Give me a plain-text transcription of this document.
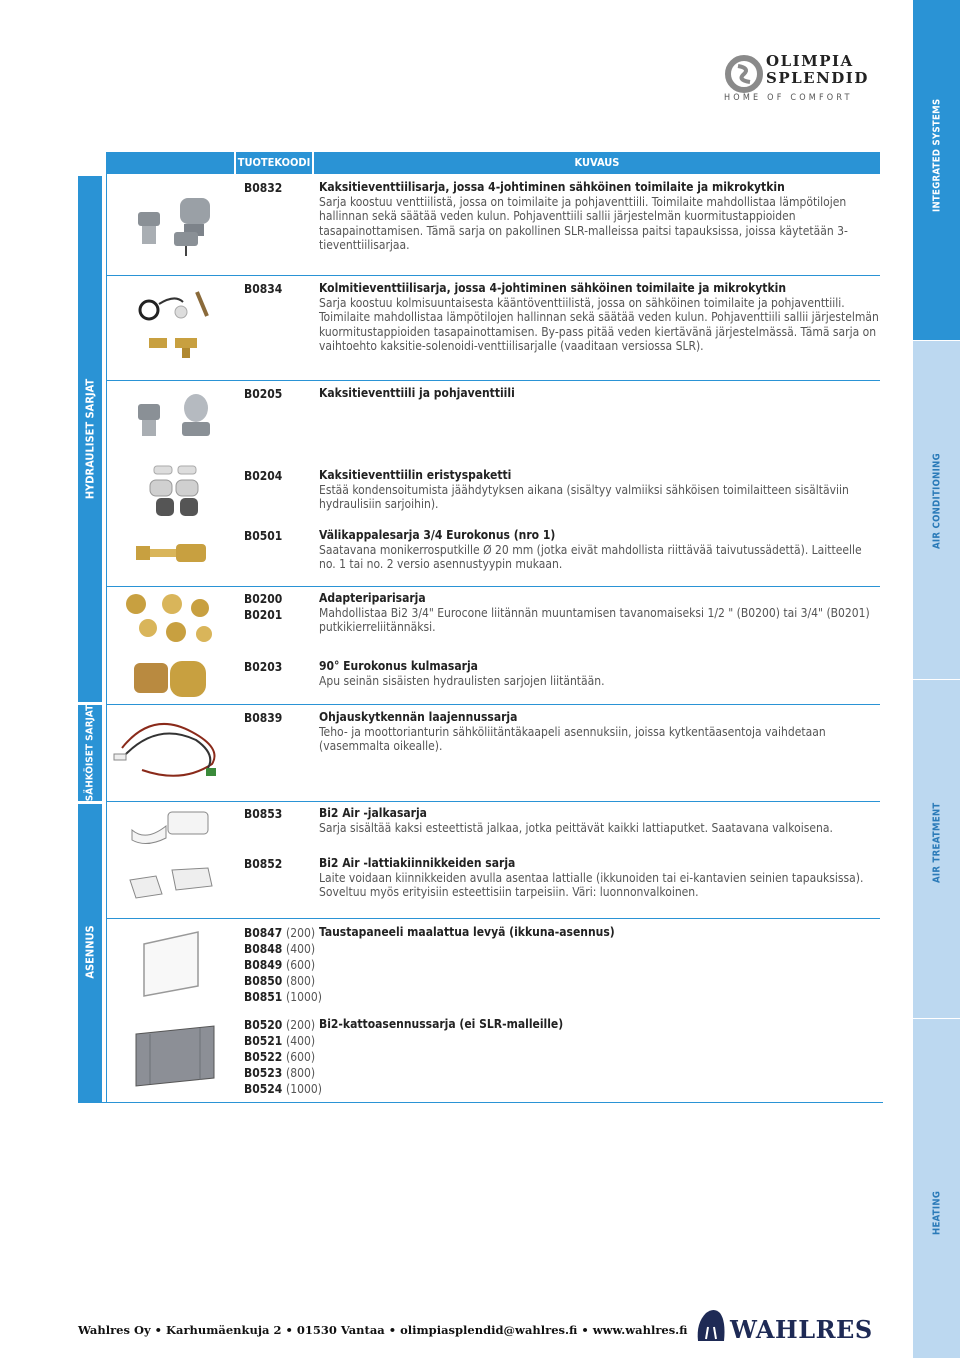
INTEGRATED SYSTEMS
AIR CONDITIONING
AIR TREATMENT
HEATING
OLIMPIA
SPLENDID
HOME OF COMFORT
TUOTEKOODI	KUVAUS
HYDRAULISET SARJAT
SÄHKÖISET SARJAT
ASENNUS
B0832
B0834
B0205
B0204
B0501
B0200
B0201
B0203
B0839
B0853
B0852
B0847 (200)
B0848 (400)
B0849 (600)
B0850 (800)
B0851 (1000)
B0520 (200)
B0521 (400)
B0522 (600)
B0523 (800)
B0524 (1000)
Kaksitieventtiilisarja, jossa 4-johtiminen sähköinen toimilaite ja mikrokytkin
Sarja koostuu venttiilistä, jossa on toimilaite ja pohjaventtiili. Toimilaite mahdollistaa lämpötilojen hallinnan sekä säätää veden kulun. Pohjaventtiili sallii järjestelmän kuormitustappioiden tasapainottamisen. Tämä sarja on pakollinen SLR-malleissa paitsi tapauksissa, joissa käytetään 3-tieventtiilisarjaa.
Kolmitieventtiilisarja, jossa 4-johtiminen sähköinen toimilaite ja mikrokytkin
Sarja koostuu kolmisuuntaisesta kääntöventtiilistä, jossa on sähköinen toimilaite ja pohjaventtiili. Toimilaite mahdollistaa lämpötilojen hallinnan sekä säätää veden kulun. Pohjaventtiili sallii järjestelmän kuormitustappioiden tasapainottamisen. By-pass pitää veden kiertävänä järjestelmässä. Tämä sarja on vaihtoehto kaksitie-solenoidi-venttiilisarjalle (vaaditaan versiossa SLR).
Kaksitieventtiili ja pohjaventtiili
Kaksitieventtiilin eristyspaketti
Estää kondensoitumista jäähdytyksen aikana (sisältyy valmiiksi sähköisen toimilaitteen sisältäviin hydraulisiin sarjoihin).
Välikappalesarja 3/4 Eurokonus (nro 1)
Saatavana monikerrosputkille Ø 20 mm (jotka eivät mahdollista riittävää taivutussädettä). Laitteelle no. 1 tai no. 2 versio asennustyypin mukaan.
Adapteriparisarja
Mahdollistaa Bi2 3/4" Eurocone liitännän muuntamisen tavanomaiseksi 1/2 " (B0200) tai 3/4" (B0201) putkikierreliitännäksi.
90° Eurokonus kulmasarja
Apu seinän sisäisten hydraulisten sarjojen liitäntään.
Ohjauskytkennän laajennussarja
Teho- ja moottorianturin sähköliitäntäkaapeli asennuksiin, joissa kytkentäasentoja vaihdetaan (vasemmalta oikealle).
Bi2 Air -jalkasarja
Sarja sisältää kaksi esteettistä jalkaa, jotka peittävät kaikki lattiaputket. Saatavana valkoisena.
Bi2 Air -lattiakiinnikkeiden sarja
Laite voidaan kiinnikkeiden avulla asentaa lattialle (ikkunoiden tai ei-kantavien seinien tapauksissa). Soveltuu myös erityisiin esteettisiin tarpeisiin. Väri: luonnonvalkoinen.
Taustapaneeli maalattua levyä (ikkuna-asennus)
Bi2-kattoasennussarja (ei SLR-malleille)
Wahlres Oy • Karhumäenkuja 2 • 01530 Vantaa • olimpiasplendid@wahlres.fi • www.wahlres.fi WAHLRES
